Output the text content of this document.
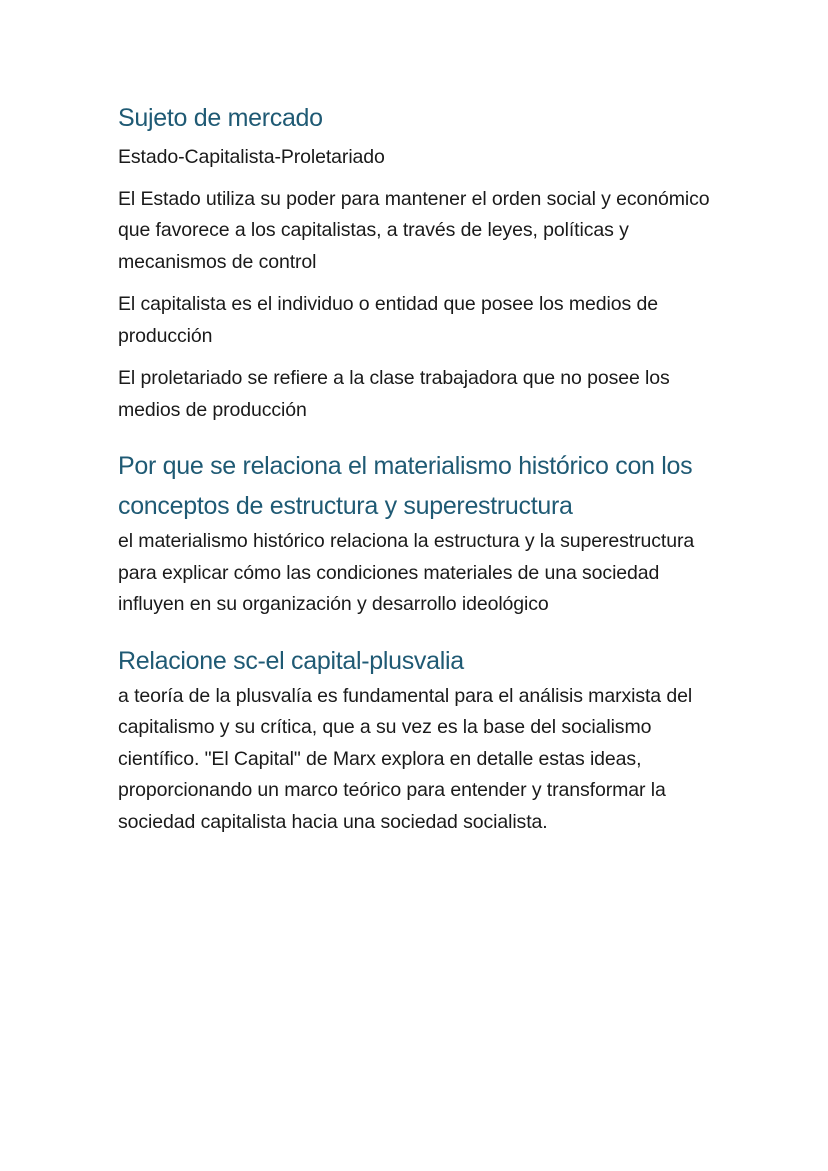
Sujeto de mercado

Estado-Capitalista-Proletariado

El Estado utiliza su poder para mantener el orden social y económico que favorece a los capitalistas, a través de leyes, políticas y mecanismos de control

El capitalista es el individuo o entidad que posee los medios de producción

El proletariado se refiere a la clase trabajadora que no posee los medios de producción

Por que se relaciona el materialismo histórico con los conceptos de estructura y superestructura

el materialismo histórico relaciona la estructura y la superestructura para explicar cómo las condiciones materiales de una sociedad influyen en su organización y desarrollo ideológico

Relacione sc-el capital-plusvalia

a teoría de la plusvalía es fundamental para el análisis marxista del capitalismo y su crítica, que a su vez es la base del socialismo científico. "El Capital" de Marx explora en detalle estas ideas, proporcionando un marco teórico para entender y transformar la sociedad capitalista hacia una sociedad socialista.
